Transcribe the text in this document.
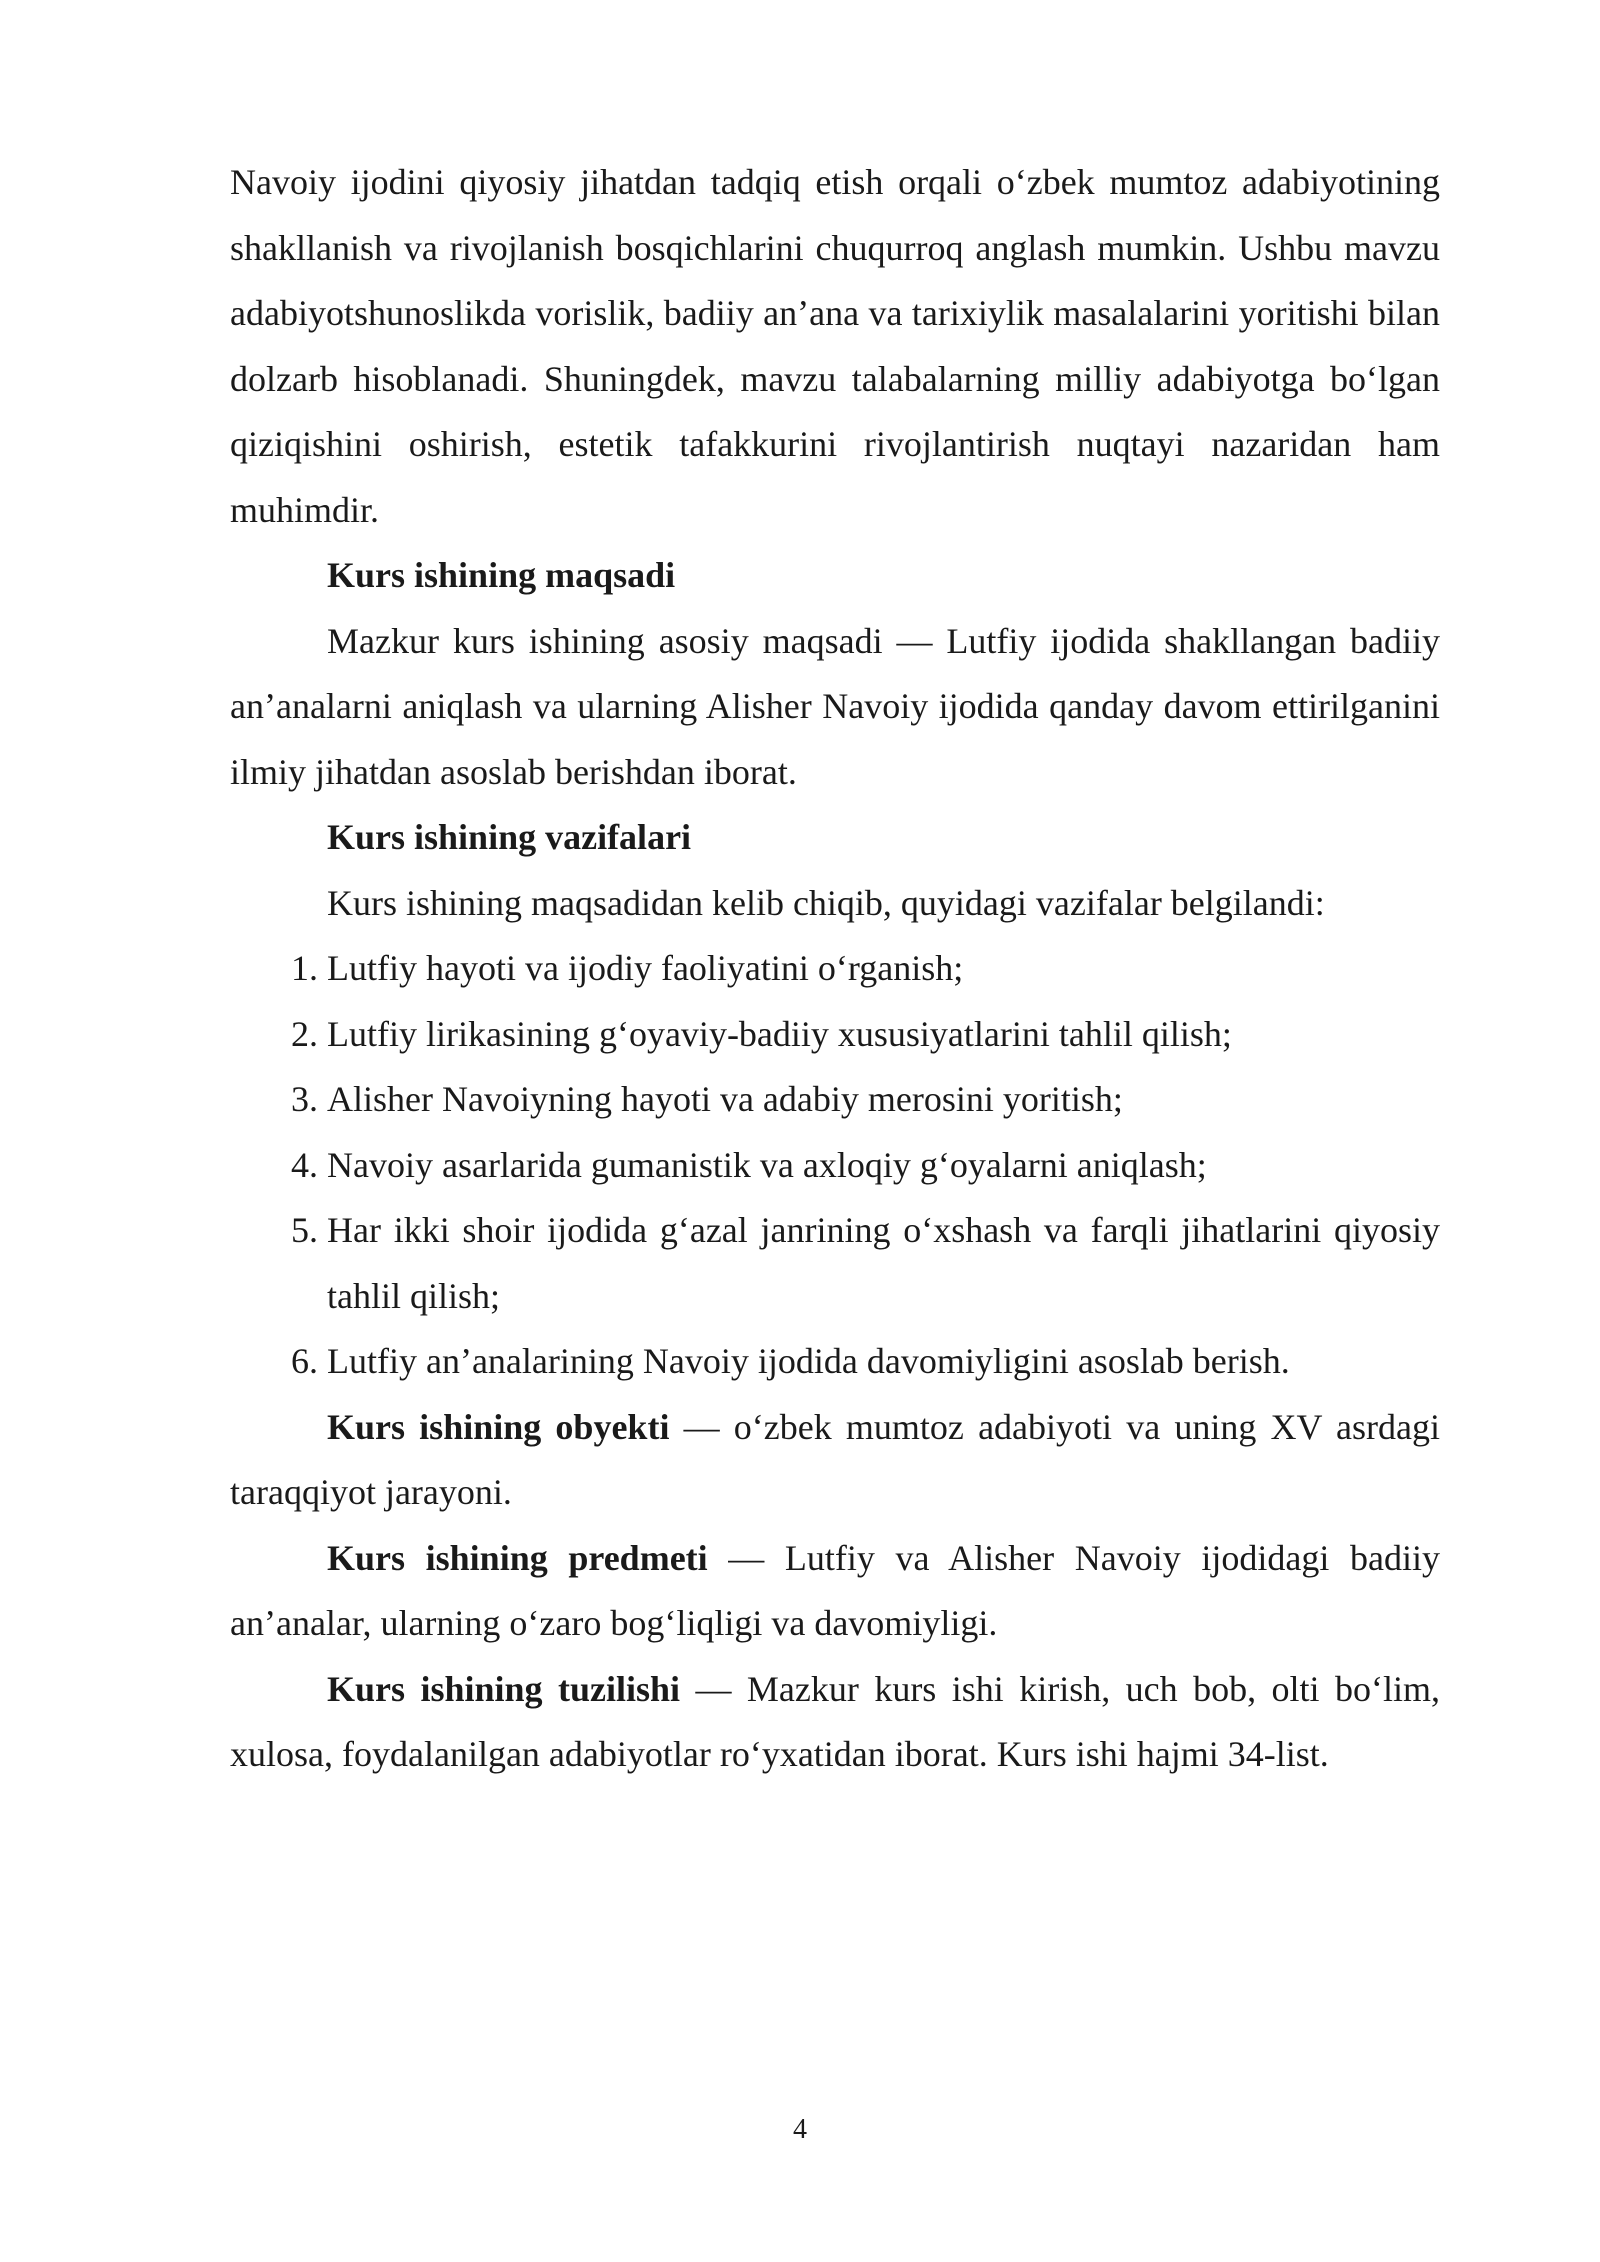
Navoiy ijodini qiyosiy jihatdan tadqiq etish orqali oʻzbek mumtoz adabiyotining shakllanish va rivojlanish bosqichlarini chuqurroq anglash mumkin. Ushbu mavzu adabiyotshunoslikda vorislik, badiiy anʼana va tarixiylik masalalarini yoritishi bilan dolzarb hisoblanadi. Shuningdek, mavzu talabalarning milliy adabiyotga boʻlgan qiziqishini oshirish, estetik tafakkurini rivojlantirish nuqtayi nazaridan ham muhimdir.

Kurs ishining maqsadi

Mazkur kurs ishining asosiy maqsadi — Lutfiy ijodida shakllangan badiiy anʼanalarni aniqlash va ularning Alisher Navoiy ijodida qanday davom ettirilganini ilmiy jihatdan asoslab berishdan iborat.

Kurs ishining vazifalari

Kurs ishining maqsadidan kelib chiqib, quyidagi vazifalar belgilandi:

1. Lutfiy hayoti va ijodiy faoliyatini oʻrganish;
2. Lutfiy lirikasining gʻoyaviy-badiiy xususiyatlarini tahlil qilish;
3. Alisher Navoiyning hayoti va adabiy merosini yoritish;
4. Navoiy asarlarida gumanistik va axloqiy gʻoyalarni aniqlash;
5. Har ikki shoir ijodida gʻazal janrining oʻxshash va farqli jihatlarini qiyosiy tahlil qilish;
6. Lutfiy anʼanalarining Navoiy ijodida davomiyligini asoslab berish.

Kurs ishining obyekti — oʻzbek mumtoz adabiyoti va uning XV asrdagi taraqqiyot jarayoni.

Kurs ishining predmeti — Lutfiy va Alisher Navoiy ijodidagi badiiy anʼanalar, ularning oʻzaro bogʻliqligi va davomiyligi.

Kurs ishining tuzilishi — Mazkur kurs ishi kirish, uch bob, olti boʻlim, xulosa, foydalanilgan adabiyotlar roʻyxatidan iborat. Kurs ishi hajmi 34-list.

4
